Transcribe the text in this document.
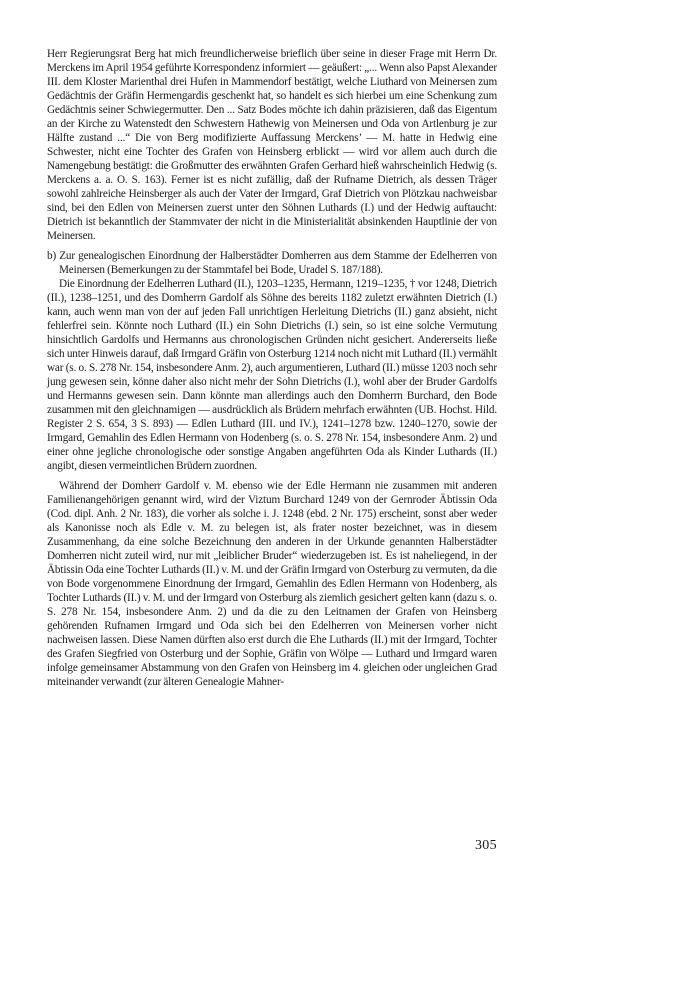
Herr Regierungsrat Berg hat mich freundlicherweise brieflich über seine in dieser Frage mit Herrn Dr. Merckens im April 1954 geführte Korrespondenz informiert — geäußert: „... Wenn also Papst Alexander III. dem Kloster Marienthal drei Hufen in Mammendorf bestätigt, welche Liuthard von Meinersen zum Gedächtnis der Gräfin Hermengardis geschenkt hat, so handelt es sich hierbei um eine Schenkung zum Gedächtnis seiner Schwiegermutter. Den ... Satz Bodes möchte ich dahin präzisieren, daß das Eigentum an der Kirche zu Watenstedt den Schwestern Hathewig von Meinersen und Oda von Artlenburg je zur Hälfte zustand ...“ Die von Berg modifizierte Auffassung Merckens’ — M. hatte in Hedwig eine Schwester, nicht eine Tochter des Grafen von Heinsberg erblickt — wird vor allem auch durch die Namengebung bestätigt: die Großmutter des erwähnten Grafen Gerhard hieß wahrscheinlich Hedwig (s. Merckens a. a. O. S. 163). Ferner ist es nicht zufällig, daß der Rufname Dietrich, als dessen Träger sowohl zahlreiche Heinsberger als auch der Vater der Irmgard, Graf Dietrich von Plötzkau nachweisbar sind, bei den Edlen von Meinersen zuerst unter den Söhnen Luthards (I.) und der Hedwig auftaucht: Dietrich ist bekanntlich der Stammvater der nicht in die Ministerialität absinkenden Hauptlinie der von Meinersen.

b) Zur genealogischen Einordnung der Halberstädter Domherren aus dem Stamme der Edelherren von Meinersen (Bemerkungen zu der Stammtafel bei Bode, Uradel S. 187/188).

Die Einordnung der Edelherren Luthard (II.), 1203–1235, Hermann, 1219–1235, † vor 1248, Dietrich (II.), 1238–1251, und des Domherrn Gardolf als Söhne des bereits 1182 zuletzt erwähnten Dietrich (I.) kann, auch wenn man von der auf jeden Fall unrichtigen Herleitung Dietrichs (II.) ganz absieht, nicht fehlerfrei sein. Könnte noch Luthard (II.) ein Sohn Dietrichs (I.) sein, so ist eine solche Vermutung hinsichtlich Gardolfs und Hermanns aus chronologischen Gründen nicht gesichert. Andererseits ließe sich unter Hinweis darauf, daß Irmgard Gräfin von Osterburg 1214 noch nicht mit Luthard (II.) vermählt war (s. o. S. 278 Nr. 154, insbesondere Anm. 2), auch argumentieren, Luthard (II.) müsse 1203 noch sehr jung gewesen sein, könne daher also nicht mehr der Sohn Dietrichs (I.), wohl aber der Bruder Gardolfs und Hermanns gewesen sein. Dann könnte man allerdings auch den Domherrn Burchard, den Bode zusammen mit den gleichnamigen — ausdrücklich als Brüdern mehrfach erwähnten (UB. Hochst. Hild. Register 2 S. 654, 3 S. 893) — Edlen Luthard (III. und IV.), 1241–1278 bzw. 1240–1270, sowie der Irmgard, Gemahlin des Edlen Hermann von Hodenberg (s. o. S. 278 Nr. 154, insbesondere Anm. 2) und einer ohne jegliche chronologische oder sonstige Angaben angeführten Oda als Kinder Luthards (II.) angibt, diesen vermeintlichen Brüdern zuordnen.

Während der Domherr Gardolf v. M. ebenso wie der Edle Hermann nie zusammen mit anderen Familienangehörigen genannt wird, wird der Viztum Burchard 1249 von der Gernroder Äbtissin Oda (Cod. dipl. Anh. 2 Nr. 183), die vorher als solche i. J. 1248 (ebd. 2 Nr. 175) erscheint, sonst aber weder als Kanonisse noch als Edle v. M. zu belegen ist, als frater noster bezeichnet, was in diesem Zusammenhang, da eine solche Bezeichnung den anderen in der Urkunde genannten Halberstädter Domherren nicht zuteil wird, nur mit „leiblicher Bruder“ wiederzugeben ist. Es ist naheliegend, in der Äbtissin Oda eine Tochter Luthards (II.) v. M. und der Gräfin Irmgard von Osterburg zu vermuten, da die von Bode vorgenommene Einordnung der Irmgard, Gemahlin des Edlen Hermann von Hodenberg, als Tochter Luthards (II.) v. M. und der Irmgard von Osterburg als ziemlich gesichert gelten kann (dazu s. o. S. 278 Nr. 154, insbesondere Anm. 2) und da die zu den Leitnamen der Grafen von Heinsberg gehörenden Rufnamen Irmgard und Oda sich bei den Edelherren von Meinersen vorher nicht nachweisen lassen. Diese Namen dürften also erst durch die Ehe Luthards (II.) mit der Irmgard, Tochter des Grafen Siegfried von Osterburg und der Sophie, Gräfin von Wölpe — Luthard und Irmgard waren infolge gemeinsamer Abstammung von den Grafen von Heinsberg im 4. gleichen oder ungleichen Grad miteinander verwandt (zur älteren Genealogie Mahner-

305
